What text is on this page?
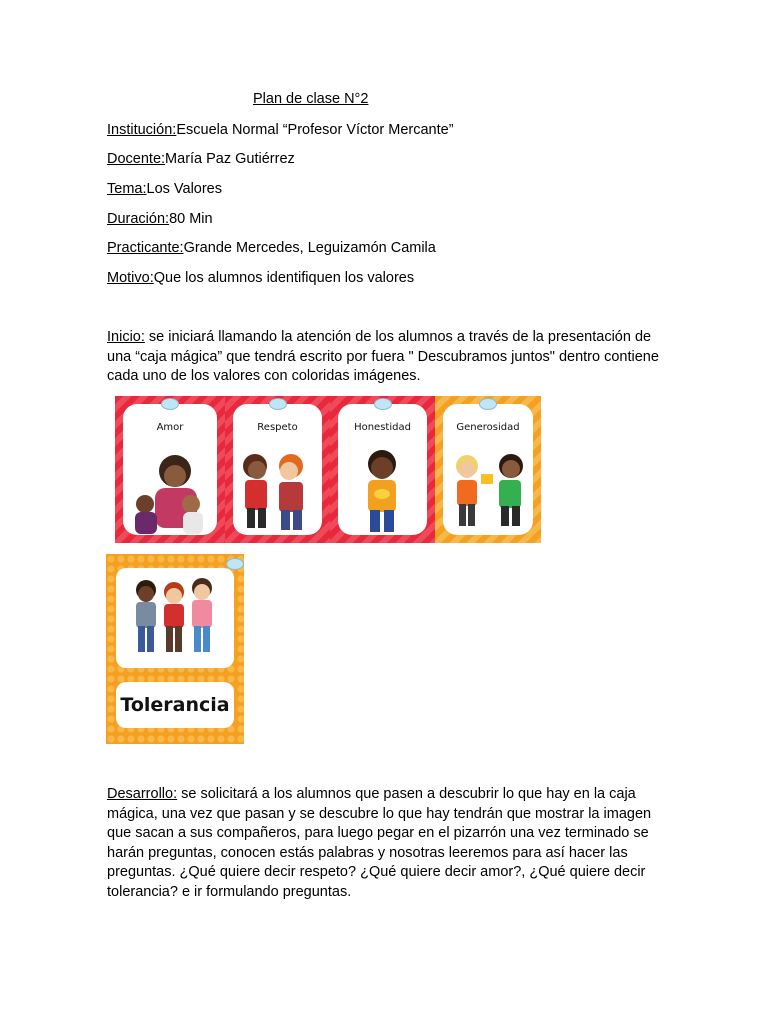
Plan de clase N°2
Institución:Escuela Normal “Profesor Víctor Mercante”
Docente:María Paz Gutiérrez
Tema:Los Valores
Duración:80 Min
Practicante:Grande Mercedes, Leguizamón Camila
Motivo:Que los alumnos identifiquen los valores
Inicio: se iniciará llamando la atención de los alumnos a través de la presentación de una “caja mágica” que tendrá escrito por fuera " Descubramos juntos" dentro contiene cada uno de los valores con coloridas imágenes.
Amor	Respeto	Honestidad	Generosidad
Tolerancia
Desarrollo: se solicitará a los alumnos que pasen a descubrir lo que hay en la caja mágica, una vez que pasan y se descubre lo que hay tendrán que mostrar la imagen que sacan a sus compañeros, para luego pegar en el pizarrón una vez terminado se harán preguntas, conocen estás palabras y nosotras leeremos para así hacer las preguntas. ¿Qué quiere decir respeto? ¿Qué quiere decir amor?, ¿Qué quiere decir tolerancia? e ir formulando preguntas.
